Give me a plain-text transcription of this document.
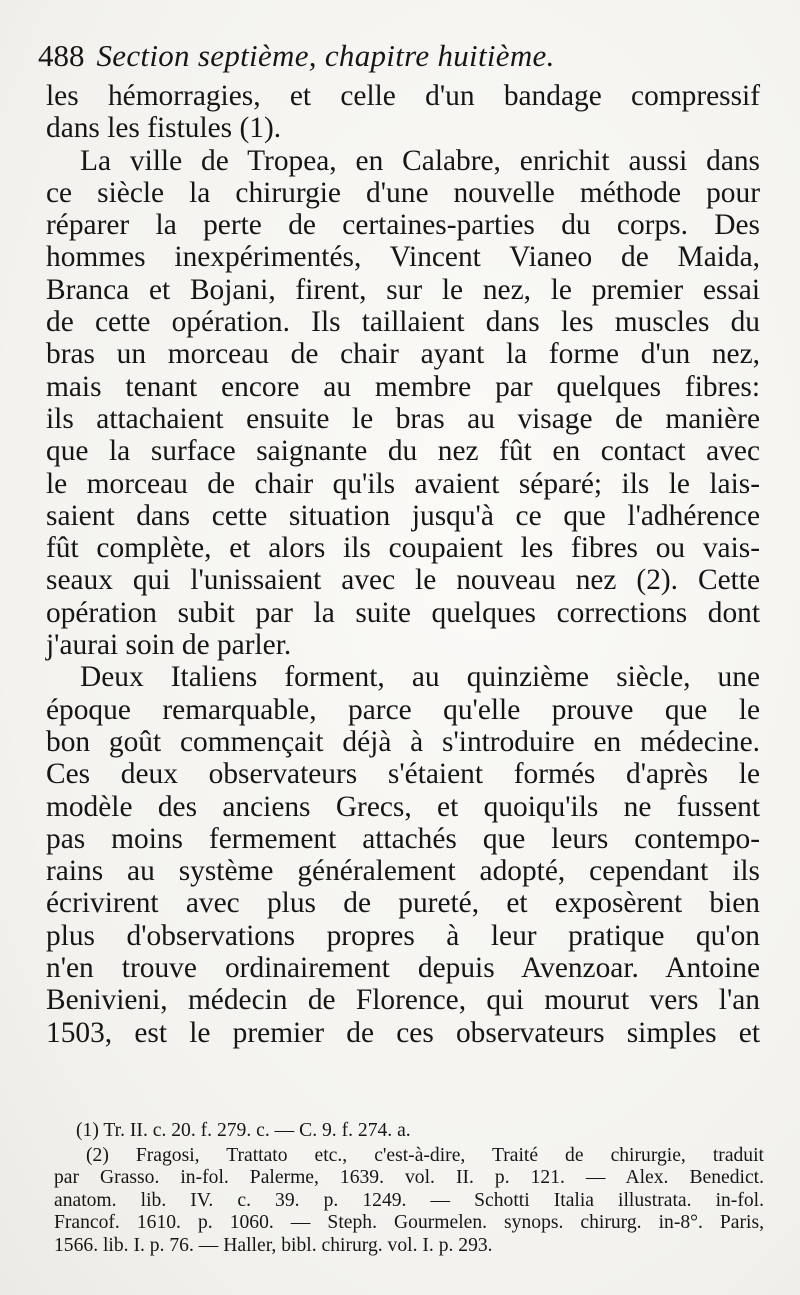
488 Section septième, chapitre huitième.
les hémorragies, et celle d'un bandage compressif
dans les fistules (1).
La ville de Tropea, en Calabre, enrichit aussi dans
ce siècle la chirurgie d'une nouvelle méthode pour
réparer la perte de certaines-parties du corps. Des
hommes inexpérimentés, Vincent Vianeo de Maida,
Branca et Bojani, firent, sur le nez, le premier essai
de cette opération. Ils taillaient dans les muscles du
bras un morceau de chair ayant la forme d'un nez,
mais tenant encore au membre par quelques fibres:
ils attachaient ensuite le bras au visage de manière
que la surface saignante du nez fût en contact avec
le morceau de chair qu'ils avaient séparé; ils le lais-
saient dans cette situation jusqu'à ce que l'adhérence
fût complète, et alors ils coupaient les fibres ou vais-
seaux qui l'unissaient avec le nouveau nez (2). Cette
opération subit par la suite quelques corrections dont
j'aurai soin de parler.
Deux Italiens forment, au quinzième siècle, une
époque remarquable, parce qu'elle prouve que le
bon goût commençait déjà à s'introduire en médecine.
Ces deux observateurs s'étaient formés d'après le
modèle des anciens Grecs, et quoiqu'ils ne fussent
pas moins fermement attachés que leurs contempo-
rains au système généralement adopté, cependant ils
écrivirent avec plus de pureté, et exposèrent bien
plus d'observations propres à leur pratique qu'on
n'en trouve ordinairement depuis Avenzoar. Antoine
Benivieni, médecin de Florence, qui mourut vers l'an
1503, est le premier de ces observateurs simples et
(1) Tr. II. c. 20. f. 279. c. — C. 9. f. 274. a.
(2) Fragosi, Trattato etc., c'est-à-dire, Traité de chirurgie, traduit
par Grasso. in-fol. Palerme, 1639. vol. II. p. 121. — Alex. Benedict.
anatom. lib. IV. c. 39. p. 1249. — Schotti Italia illustrata. in-fol.
Francof. 1610. p. 1060. — Steph. Gourmelen. synops. chirurg. in-8°. Paris,
1566. lib. I. p. 76. — Haller, bibl. chirurg. vol. I. p. 293.
